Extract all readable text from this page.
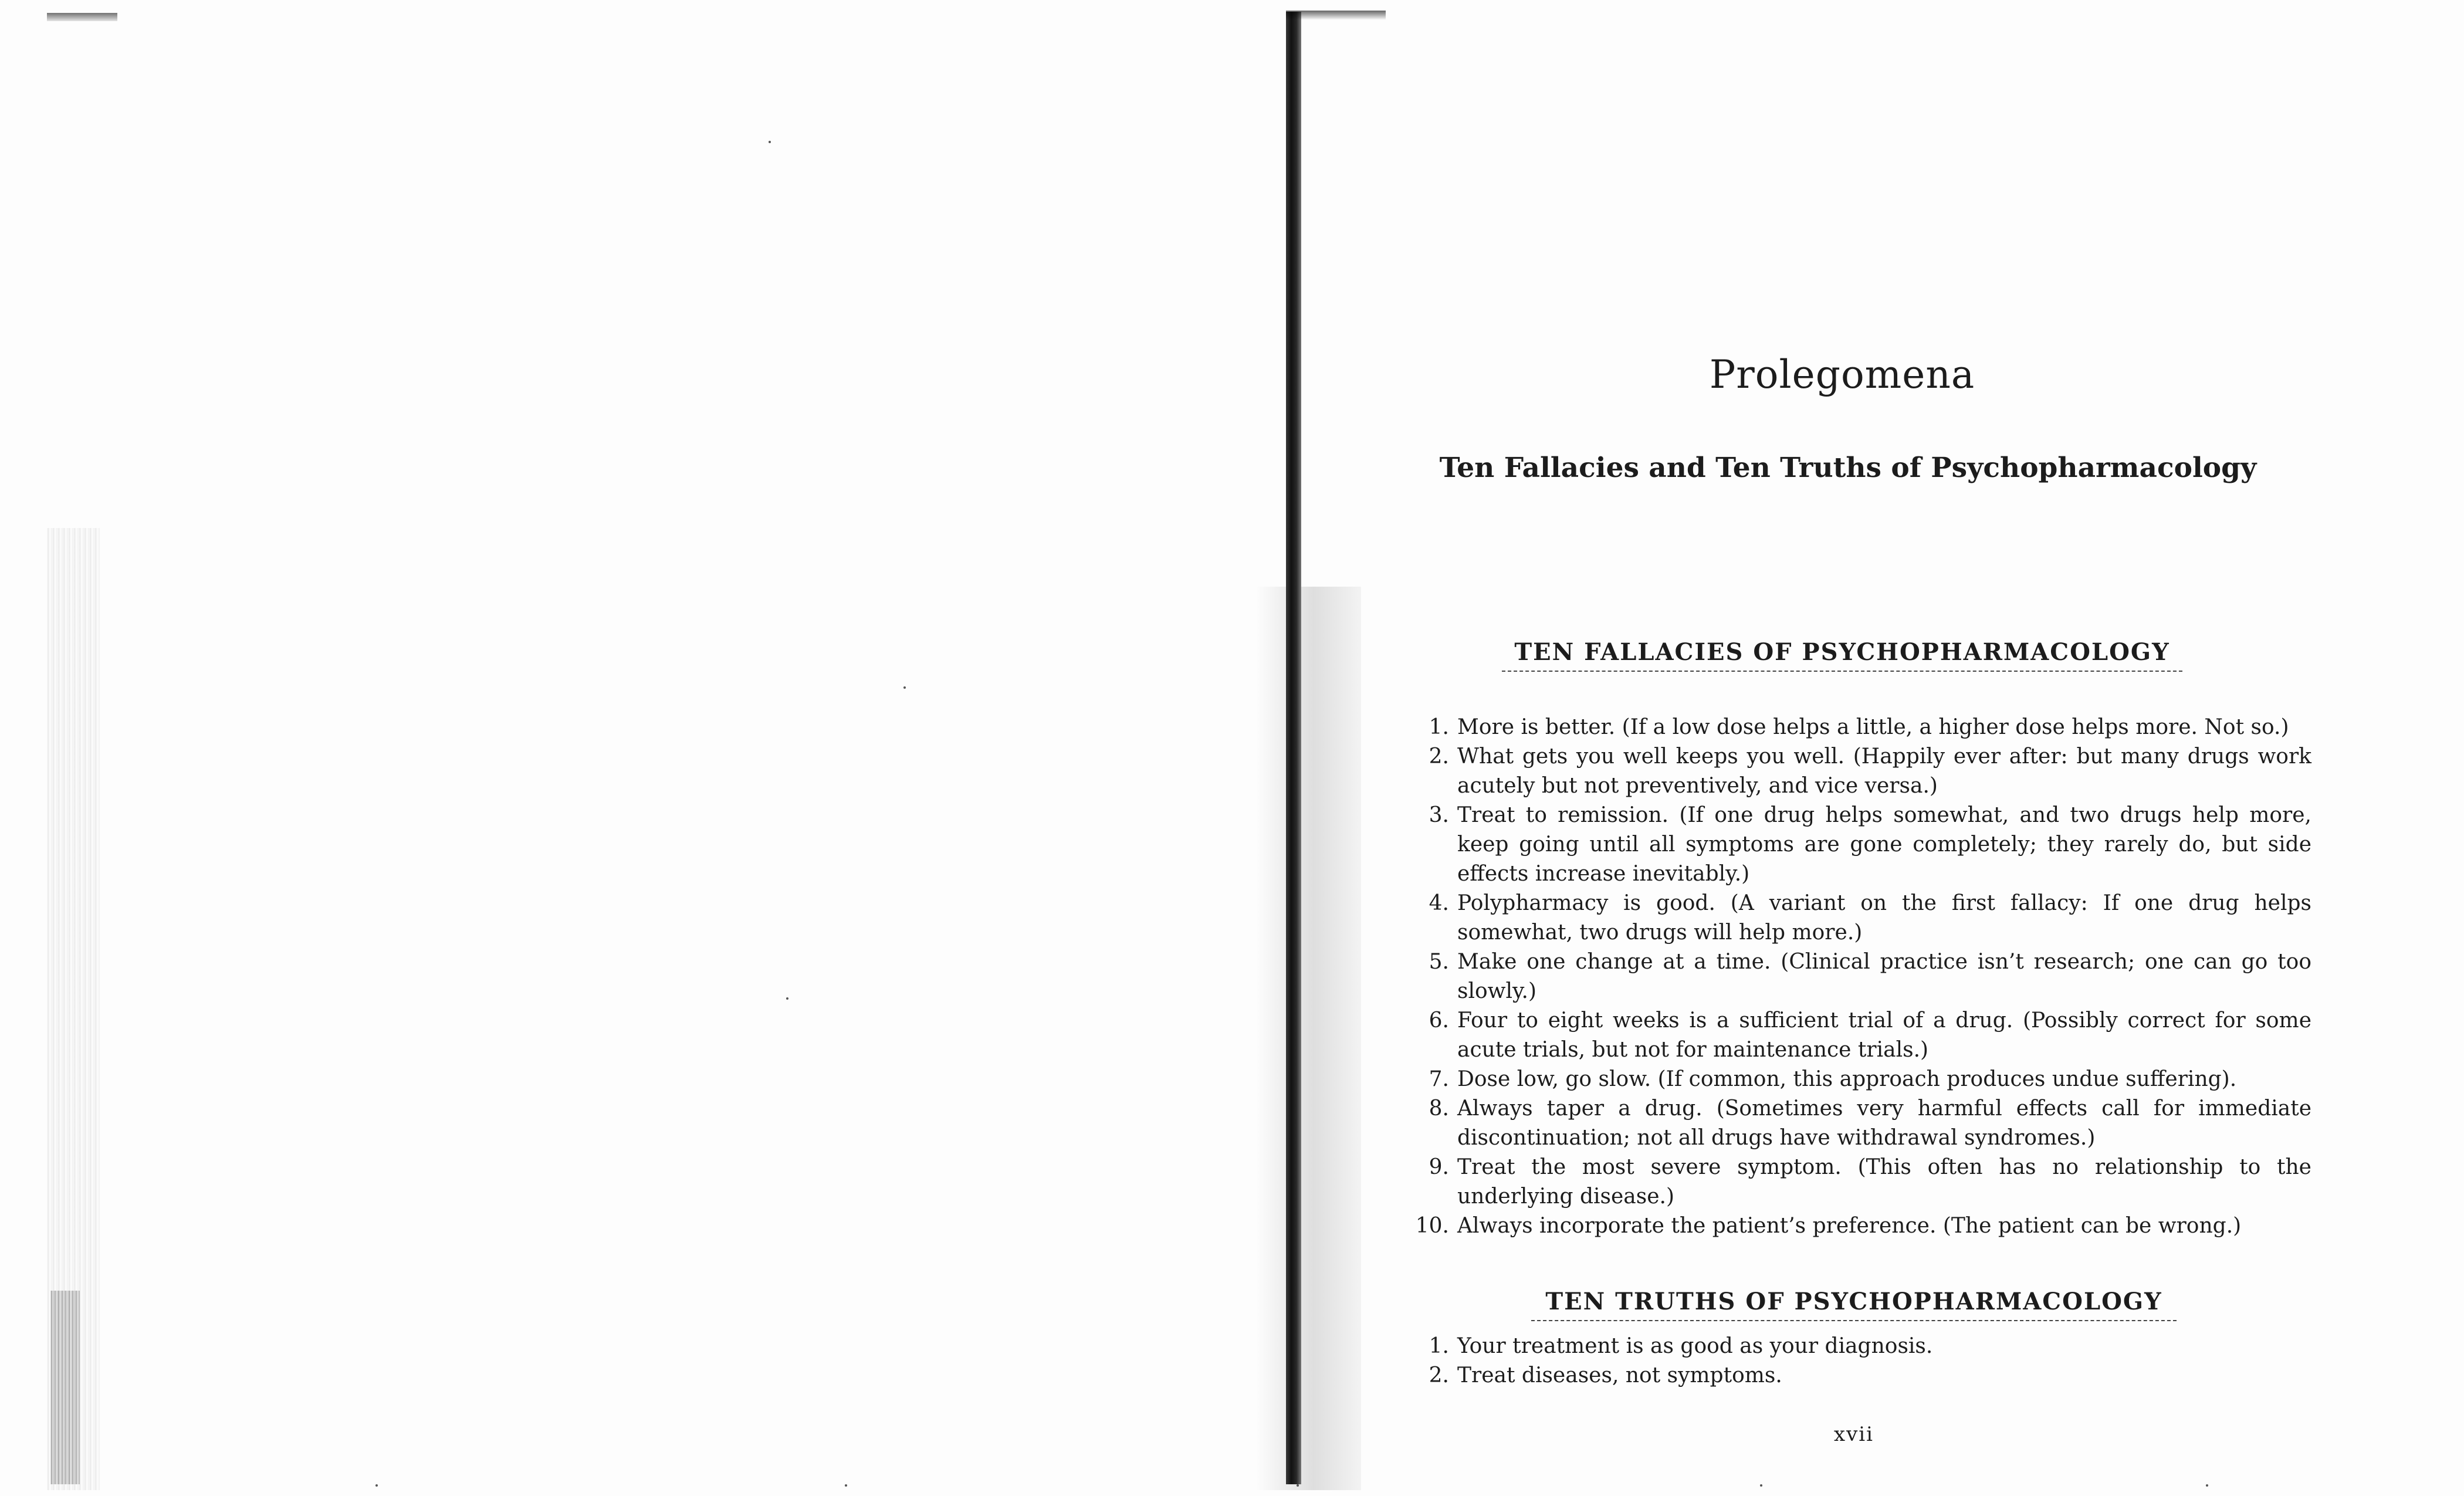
Prolegomena
Ten Fallacies and Ten Truths of Psychopharmacology
TEN FALLACIES OF PSYCHOPHARMACOLOGY
1. More is better. (If a low dose helps a little, a higher dose helps more. Not so.)
2. What gets you well keeps you well. (Happily ever after: but many drugs work acutely but not preventively, and vice versa.)
3. Treat to remission. (If one drug helps somewhat, and two drugs help more, keep going until all symptoms are gone completely; they rarely do, but side effects increase inevitably.)
4. Polypharmacy is good. (A variant on the first fallacy: If one drug helps somewhat, two drugs will help more.)
5. Make one change at a time. (Clinical practice isn’t research; one can go too slowly.)
6. Four to eight weeks is a sufficient trial of a drug. (Possibly correct for some acute trials, but not for maintenance trials.)
7. Dose low, go slow. (If common, this approach produces undue suffering).
8. Always taper a drug. (Sometimes very harmful effects call for immediate discontinuation; not all drugs have withdrawal syndromes.)
9. Treat the most severe symptom. (This often has no relationship to the underlying disease.)
10. Always incorporate the patient’s preference. (The patient can be wrong.)
TEN TRUTHS OF PSYCHOPHARMACOLOGY
1. Your treatment is as good as your diagnosis.
2. Treat diseases, not symptoms.
xvii
